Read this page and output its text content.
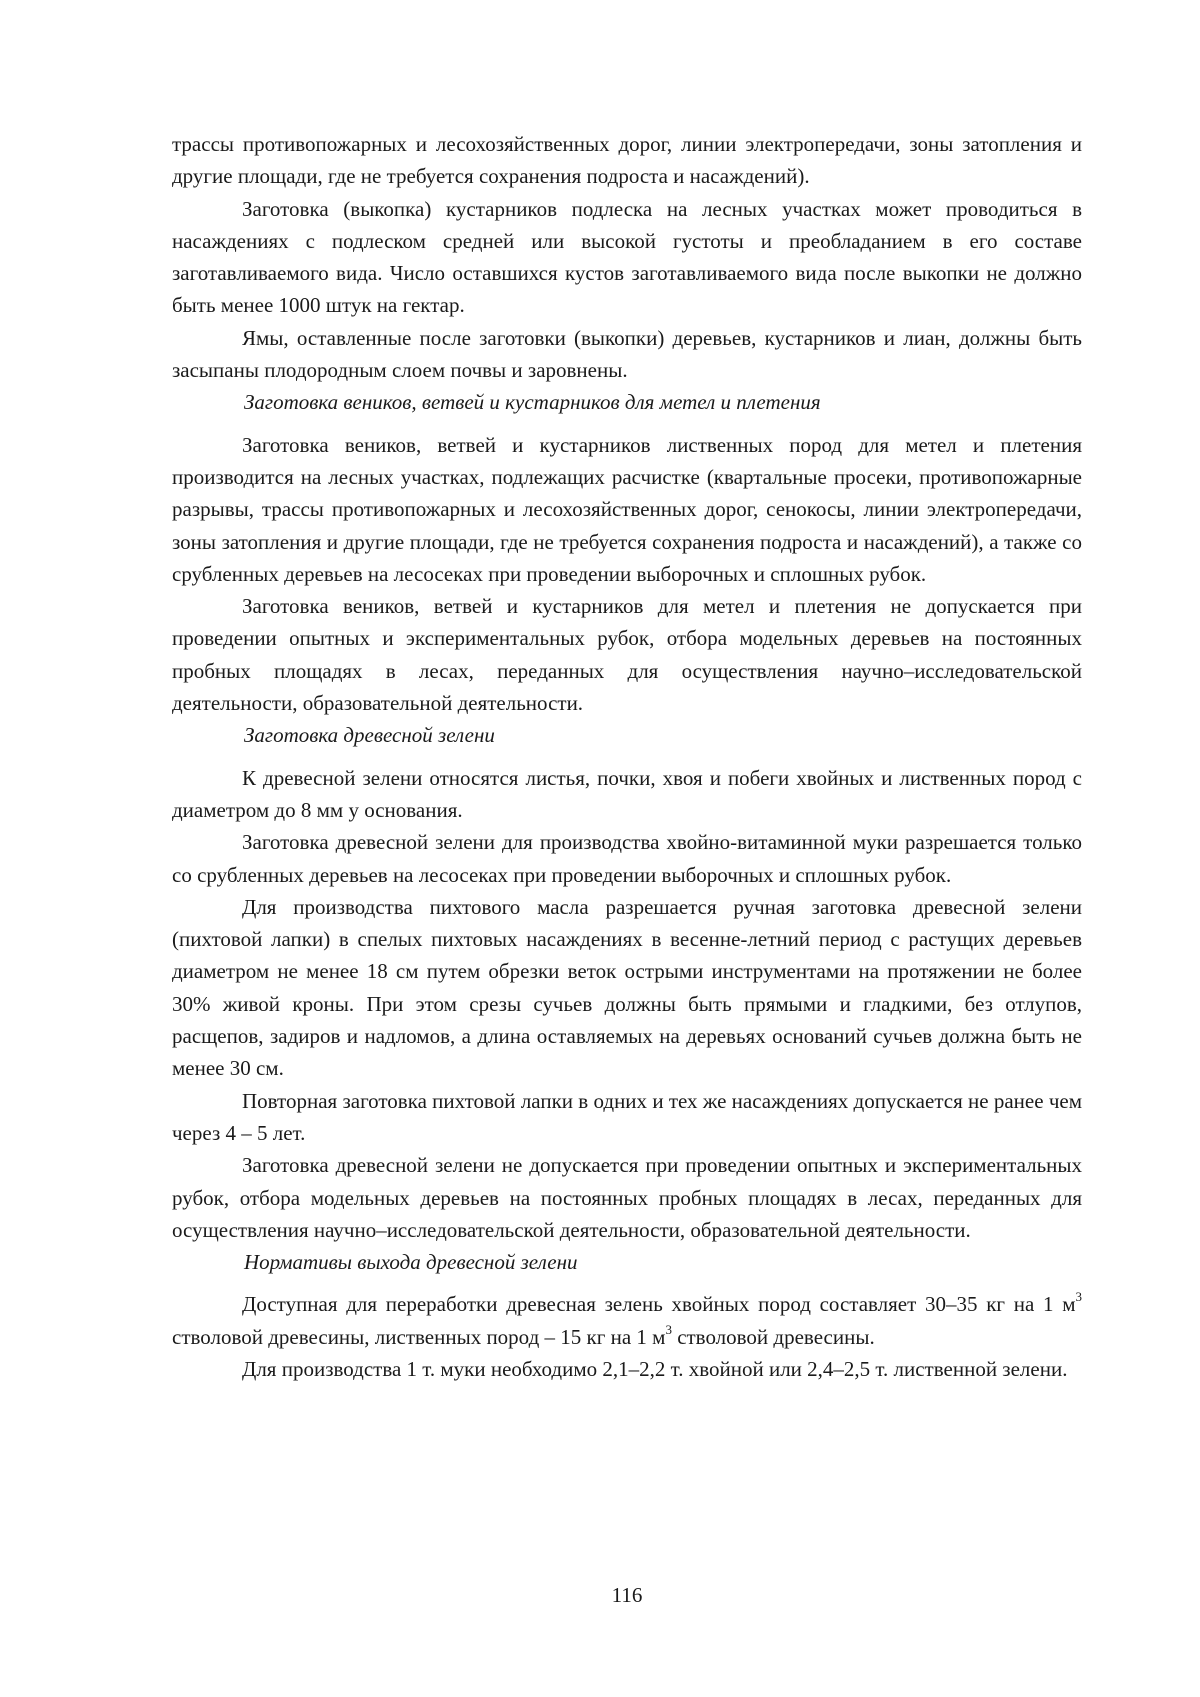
трассы противопожарных и лесохозяйственных дорог, линии электропередачи, зоны затопления и другие площади, где не требуется сохранения подроста и насаждений).

Заготовка (выкопка) кустарников подлеска на лесных участках может проводиться в насаждениях с подлеском средней или высокой густоты и преобладанием в его составе заготавливаемого вида. Число оставшихся кустов заготавливаемого вида после выкопки не должно быть менее 1000 штук на гектар.

Ямы, оставленные после заготовки (выкопки) деревьев, кустарников и лиан, должны быть засыпаны плодородным слоем почвы и заровнены.

Заготовка веников, ветвей и кустарников для метел и плетения

Заготовка веников, ветвей и кустарников лиственных пород для метел и плетения производится на лесных участках, подлежащих расчистке (квартальные просеки, противопожарные разрывы, трассы противопожарных и лесохозяйственных дорог, сенокосы, линии электропередачи, зоны затопления и другие площади, где не требуется сохранения подроста и насаждений), а также со срубленных деревьев на лесосеках при проведении выборочных и сплошных рубок.

Заготовка веников, ветвей и кустарников для метел и плетения не допускается при проведении опытных и экспериментальных рубок, отбора модельных деревьев на постоянных пробных площадях в лесах, переданных для осуществления научно–исследовательской деятельности, образовательной деятельности.

Заготовка древесной зелени

К древесной зелени относятся листья, почки, хвоя и побеги хвойных и лиственных пород с диаметром до 8 мм у основания.

Заготовка древесной зелени для производства хвойно-витаминной муки разрешается только со срубленных деревьев на лесосеках при проведении выборочных и сплошных рубок.

Для производства пихтового масла разрешается ручная заготовка древесной зелени (пихтовой лапки) в спелых пихтовых насаждениях в весенне-летний период с растущих деревьев диаметром не менее 18 см путем обрезки веток острыми инструментами на протяжении не более 30% живой кроны. При этом срезы сучьев должны быть прямыми и гладкими, без отлупов, расщепов, задиров и надломов, а длина оставляемых на деревьях оснований сучьев должна быть не менее 30 см.

Повторная заготовка пихтовой лапки в одних и тех же насаждениях допускается не ранее чем через 4 – 5 лет.

Заготовка древесной зелени не допускается при проведении опытных и экспериментальных рубок, отбора модельных деревьев на постоянных пробных площадях в лесах, переданных для осуществления научно–исследовательской деятельности, образовательной деятельности.

Нормативы выхода древесной зелени

Доступная для переработки древесная зелень хвойных пород составляет 30–35 кг на 1 $м^3$ стволовой древесины, лиственных пород – 15 кг на 1 $м^3$ стволовой древесины.

Для производства 1 т. муки необходимо 2,1–2,2 т. хвойной или 2,4–2,5 т. лиственной зелени.

116
